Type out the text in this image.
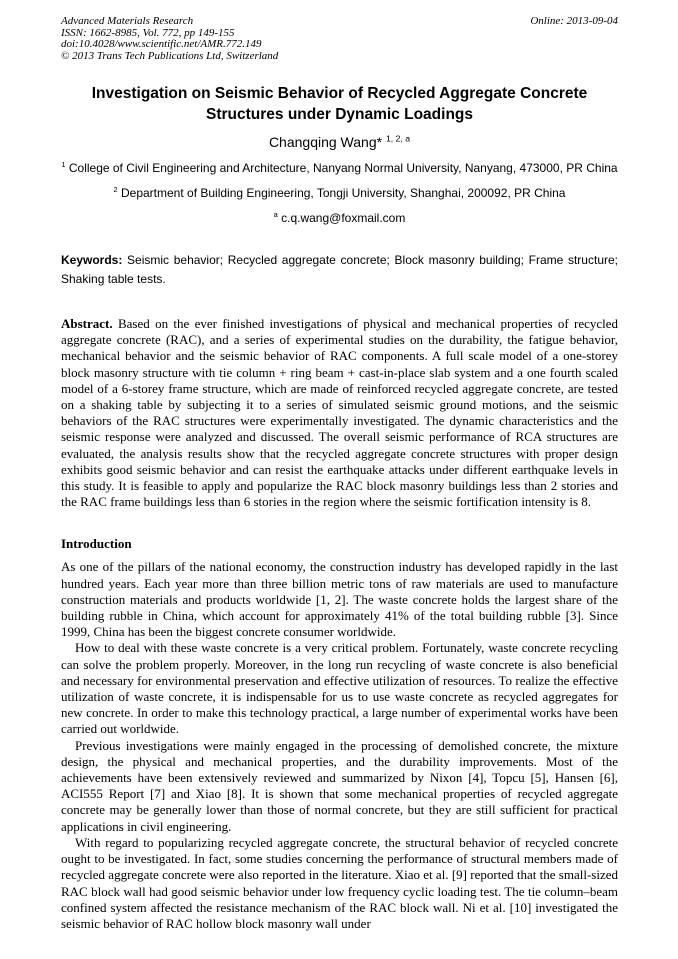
Advanced Materials Research	Online: 2013-09-04
ISSN: 1662-8985, Vol. 772, pp 149-155
doi:10.4028/www.scientific.net/AMR.772.149
© 2013 Trans Tech Publications Ltd, Switzerland
Investigation on Seismic Behavior of Recycled Aggregate Concrete Structures under Dynamic Loadings
Changqing Wang* $^{1, 2, a}$
$^1$ College of Civil Engineering and Architecture, Nanyang Normal University, Nanyang, 473000, PR China
$^2$ Department of Building Engineering, Tongji University, Shanghai, 200092, PR China
$^a$ c.q.wang@foxmail.com

Keywords: Seismic behavior; Recycled aggregate concrete; Block masonry building; Frame structure; Shaking table tests.

Abstract. Based on the ever finished investigations of physical and mechanical properties of recycled aggregate concrete (RAC), and a series of experimental studies on the durability, the fatigue behavior, mechanical behavior and the seismic behavior of RAC components. A full scale model of a one-storey block masonry structure with tie column + ring beam + cast-in-place slab system and a one fourth scaled model of a 6-storey frame structure, which are made of reinforced recycled aggregate concrete, are tested on a shaking table by subjecting it to a series of simulated seismic ground motions, and the seismic behaviors of the RAC structures were experimentally investigated. The dynamic characteristics and the seismic response were analyzed and discussed. The overall seismic performance of RCA structures are evaluated, the analysis results show that the recycled aggregate concrete structures with proper design exhibits good seismic behavior and can resist the earthquake attacks under different earthquake levels in this study. It is feasible to apply and popularize the RAC block masonry buildings less than 2 stories and the RAC frame buildings less than 6 stories in the region where the seismic fortification intensity is 8.

Introduction

As one of the pillars of the national economy, the construction industry has developed rapidly in the last hundred years. Each year more than three billion metric tons of raw materials are used to manufacture construction materials and products worldwide [1, 2]. The waste concrete holds the largest share of the building rubble in China, which account for approximately 41% of the total building rubble [3]. Since 1999, China has been the biggest concrete consumer worldwide.

How to deal with these waste concrete is a very critical problem. Fortunately, waste concrete recycling can solve the problem properly. Moreover, in the long run recycling of waste concrete is also beneficial and necessary for environmental preservation and effective utilization of resources. To realize the effective utilization of waste concrete, it is indispensable for us to use waste concrete as recycled aggregates for new concrete. In order to make this technology practical, a large number of experimental works have been carried out worldwide.

Previous investigations were mainly engaged in the processing of demolished concrete, the mixture design, the physical and mechanical properties, and the durability improvements. Most of the achievements have been extensively reviewed and summarized by Nixon [4], Topcu [5], Hansen [6], ACI555 Report [7] and Xiao [8]. It is shown that some mechanical properties of recycled aggregate concrete may be generally lower than those of normal concrete, but they are still sufficient for practical applications in civil engineering.

With regard to popularizing recycled aggregate concrete, the structural behavior of recycled concrete ought to be investigated. In fact, some studies concerning the performance of structural members made of recycled aggregate concrete were also reported in the literature. Xiao et al. [9] reported that the small-sized RAC block wall had good seismic behavior under low frequency cyclic loading test. The tie column–beam confined system affected the resistance mechanism of the RAC block wall. Ni et al. [10] investigated the seismic behavior of RAC hollow block masonry wall under
